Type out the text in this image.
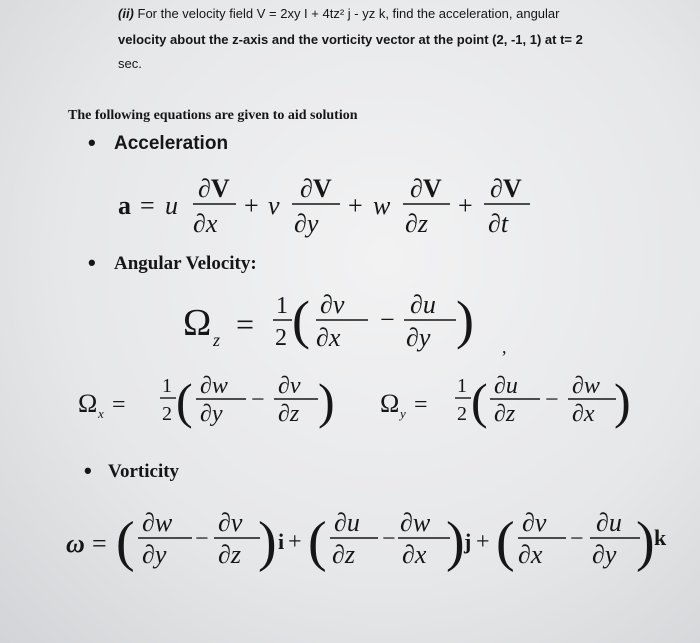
(ii) For the velocity field V = 2xy I + 4tz² j - yz k, find the acceleration, angular
velocity about the z-axis and the vorticity vector at the point (2, -1, 1) at t= 2
sec.
The following equations are given to aid solution
• Acceleration
a = u
∂V
∂x
+ v
∂V
∂y
+ w
∂V
∂z
+
∂V
∂t
• Angular Velocity:
Ω z = 1
2 ( ∂v
∂x
−
∂u
∂y ) ,
Ω x =
1
2 ( ∂w
∂y
−
∂v
∂z ) Ω y =
1
2 ( ∂u
∂z
−
∂w
∂x )
• Vorticity
ω = ( ∂w
∂y
−
∂v
∂z ) i + ( ∂u
∂z
−
∂w
∂x ) j + ( ∂v
∂x
−
∂u
∂y ) k
